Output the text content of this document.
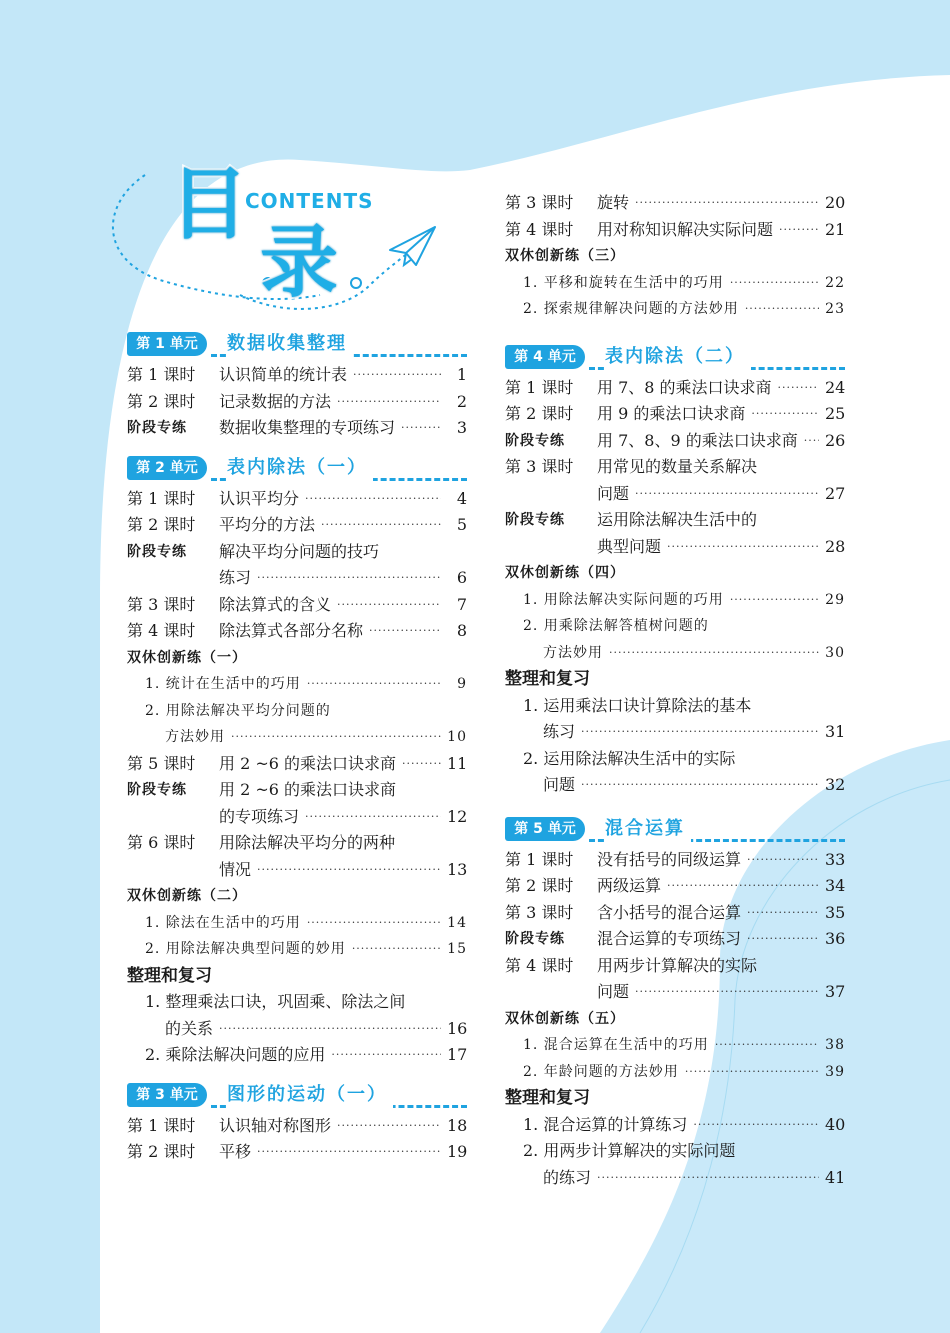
目
录
CONTENTS
第 1 单元	数据收集整理
第 1 课时	认识简单的统计表 ·····	1
第 2 课时	记录数据的方法 ·····	2
阶段专练	数据收集整理的专项练习 ·····	3
第 2 单元	表内除法（一）
第 1 课时	认识平均分 ·····	4
第 2 课时	平均分的方法 ·····	5
阶段专练	解决平均分问题的技巧
练习 ·····	6
第 3 课时	除法算式的含义 ·····	7
第 4 课时	除法算式各部分名称 ·····	8
双休创新练（一）
1. 统计在生活中的巧用 ·····	9
2. 用除法解决平均分问题的
方法妙用 ·····	10
第 5 课时	用 2 ~6 的乘法口诀求商 ·····	11
阶段专练	用 2 ~6 的乘法口诀求商
的专项练习 ·····	12
第 6 课时	用除法解决平均分的两种
情况 ·····	13
双休创新练（二）
1. 除法在生活中的巧用 ·····	14
2. 用除法解决典型问题的妙用 ·····	15
整理和复习
1. 整理乘法口诀，巩固乘、除法之间
的关系 ·····	16
2. 乘除法解决问题的应用 ·····	17
第 3 单元	图形的运动（一）
第 1 课时	认识轴对称图形 ·····	18
第 2 课时	平移 ·····	19
第 3 课时	旋转 ·····	20
第 4 课时	用对称知识解决实际问题 ·····	21
双休创新练（三）
1. 平移和旋转在生活中的巧用 ·····	22
2. 探索规律解决问题的方法妙用 ·····	23
第 4 单元	表内除法（二）
第 1 课时	用 7、8 的乘法口诀求商 ·····	24
第 2 课时	用 9 的乘法口诀求商 ·····	25
阶段专练	用 7、8、9 的乘法口诀求商 ····· 26
第 3 课时	用常见的数量关系解决
问题 ·····	27
阶段专练	运用除法解决生活中的
典型问题 ·····	28
双休创新练（四）
1. 用除法解决实际问题的巧用 ·····	29
2. 用乘除法解答植树问题的
方法妙用 ·····	30
整理和复习
1. 运用乘法口诀计算除法的基本
练习 ·····	31
2. 运用除法解决生活中的实际
问题 ·····	32
第 5 单元	混合运算
第 1 课时	没有括号的同级运算 ·····	33
第 2 课时	两级运算 ·····	34
第 3 课时	含小括号的混合运算 ·····	35
阶段专练	混合运算的专项练习 ·····	36
第 4 课时	用两步计算解决的实际
问题 ·····	37
双休创新练（五）
1. 混合运算在生活中的巧用 ·····	38
2. 年龄问题的方法妙用 ·····	39
整理和复习
1. 混合运算的计算练习 ·····	40
2. 用两步计算解决的实际问题
的练习 ·····	41
